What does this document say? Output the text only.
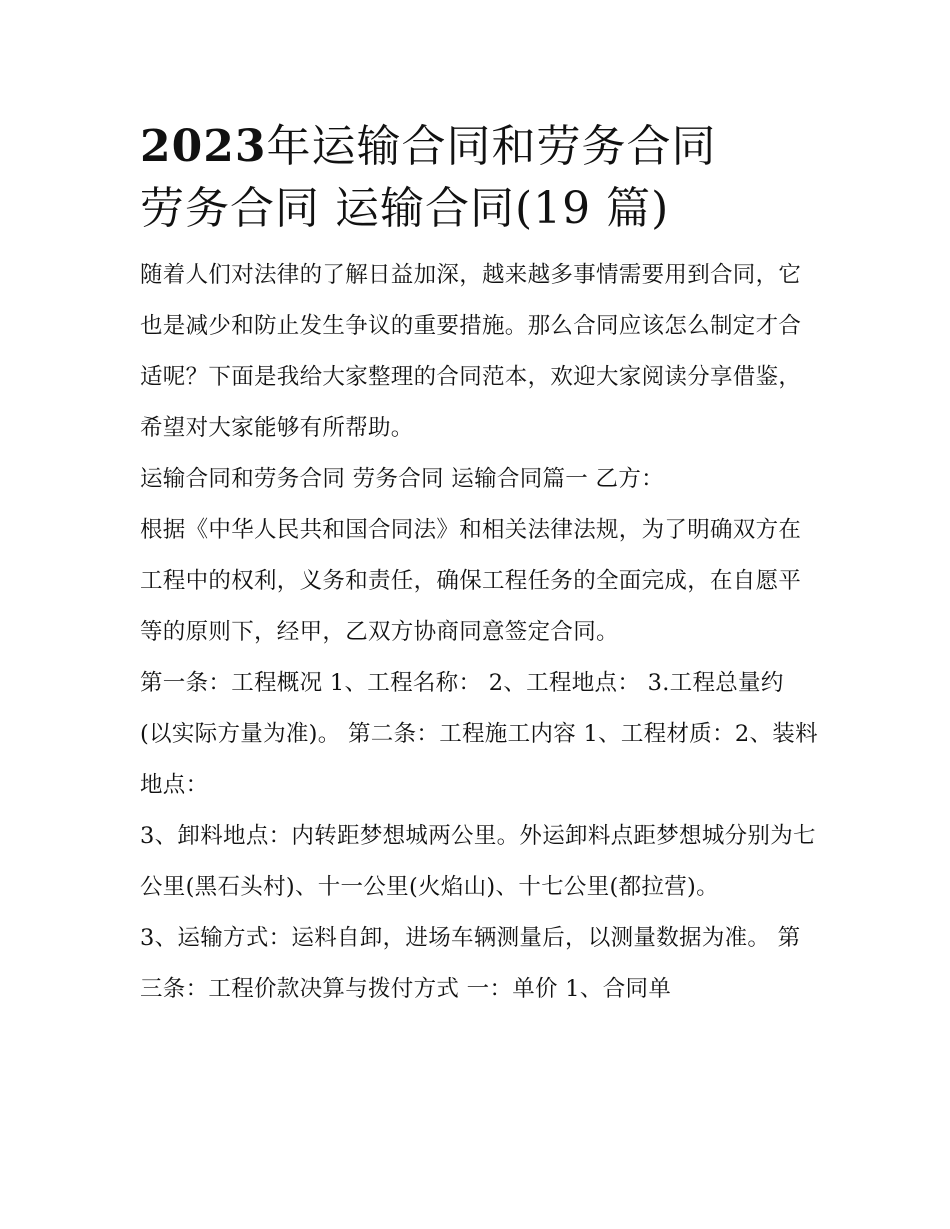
2023年运输合同和劳务合同
劳务合同 运输合同(19 篇)

随着人们对法律的了解日益加深，越来越多事情需要用到合同，它也是减少和防止发生争议的重要措施。那么合同应该怎么制定才合适呢？下面是我给大家整理的合同范本，欢迎大家阅读分享借鉴，希望对大家能够有所帮助。

运输合同和劳务合同 劳务合同 运输合同篇一 乙方：

根据《中华人民共和国合同法》和相关法律法规，为了明确双方在工程中的权利，义务和责任，确保工程任务的全面完成，在自愿平等的原则下，经甲，乙双方协商同意签定合同。

第一条：工程概况 1、工程名称： 2、工程地点： 3.工程总量约 (以实际方量为准)。 第二条：工程施工内容 1、工程材质：2、装料地点：

3、卸料地点：内转距梦想城两公里。外运卸料点距梦想城分别为七公里(黑石头村)、十一公里(火焰山)、十七公里(都拉营)。

3、运输方式：运料自卸，进场车辆测量后，以测量数据为准。 第三条：工程价款决算与拨付方式 一：单价 1、合同单
